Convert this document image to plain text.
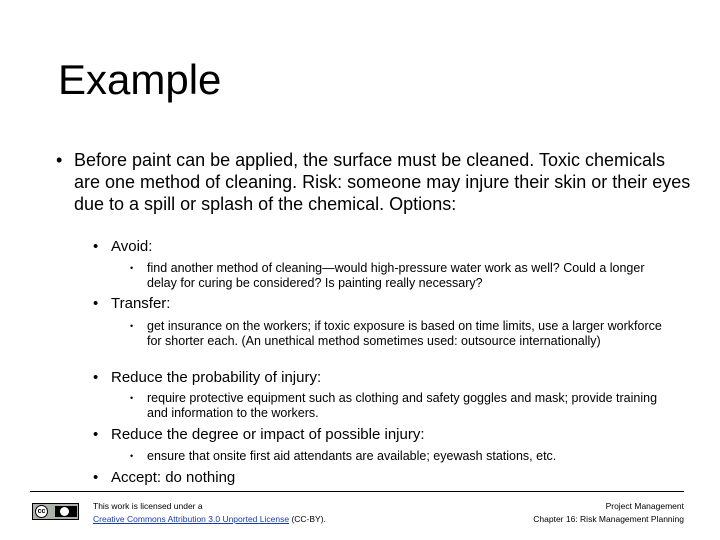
Example
• Before paint can be applied, the surface must be cleaned. Toxic chemicals are one method of cleaning. Risk: someone may injure their skin or their eyes due to a spill or splash of the chemical. Options:
• Avoid:
• find another method of cleaning—would high-pressure water work as well? Could a longer delay for curing be considered? Is painting really necessary?
• Transfer:
• get insurance on the workers; if toxic exposure is based on time limits, use a larger workforce for shorter each. (An unethical method sometimes used: outsource internationally)
• Reduce the probability of injury:
• require protective equipment such as clothing and safety goggles and mask; provide training and information to the workers.
• Reduce the degree or impact of possible injury:
• ensure that onsite first aid attendants are available; eyewash stations, etc.
• Accept: do nothing
cc
This work is licensed under a
Creative Commons Attribution 3.0 Unported License (CC-BY).
Project Management
Chapter 16: Risk Management Planning
